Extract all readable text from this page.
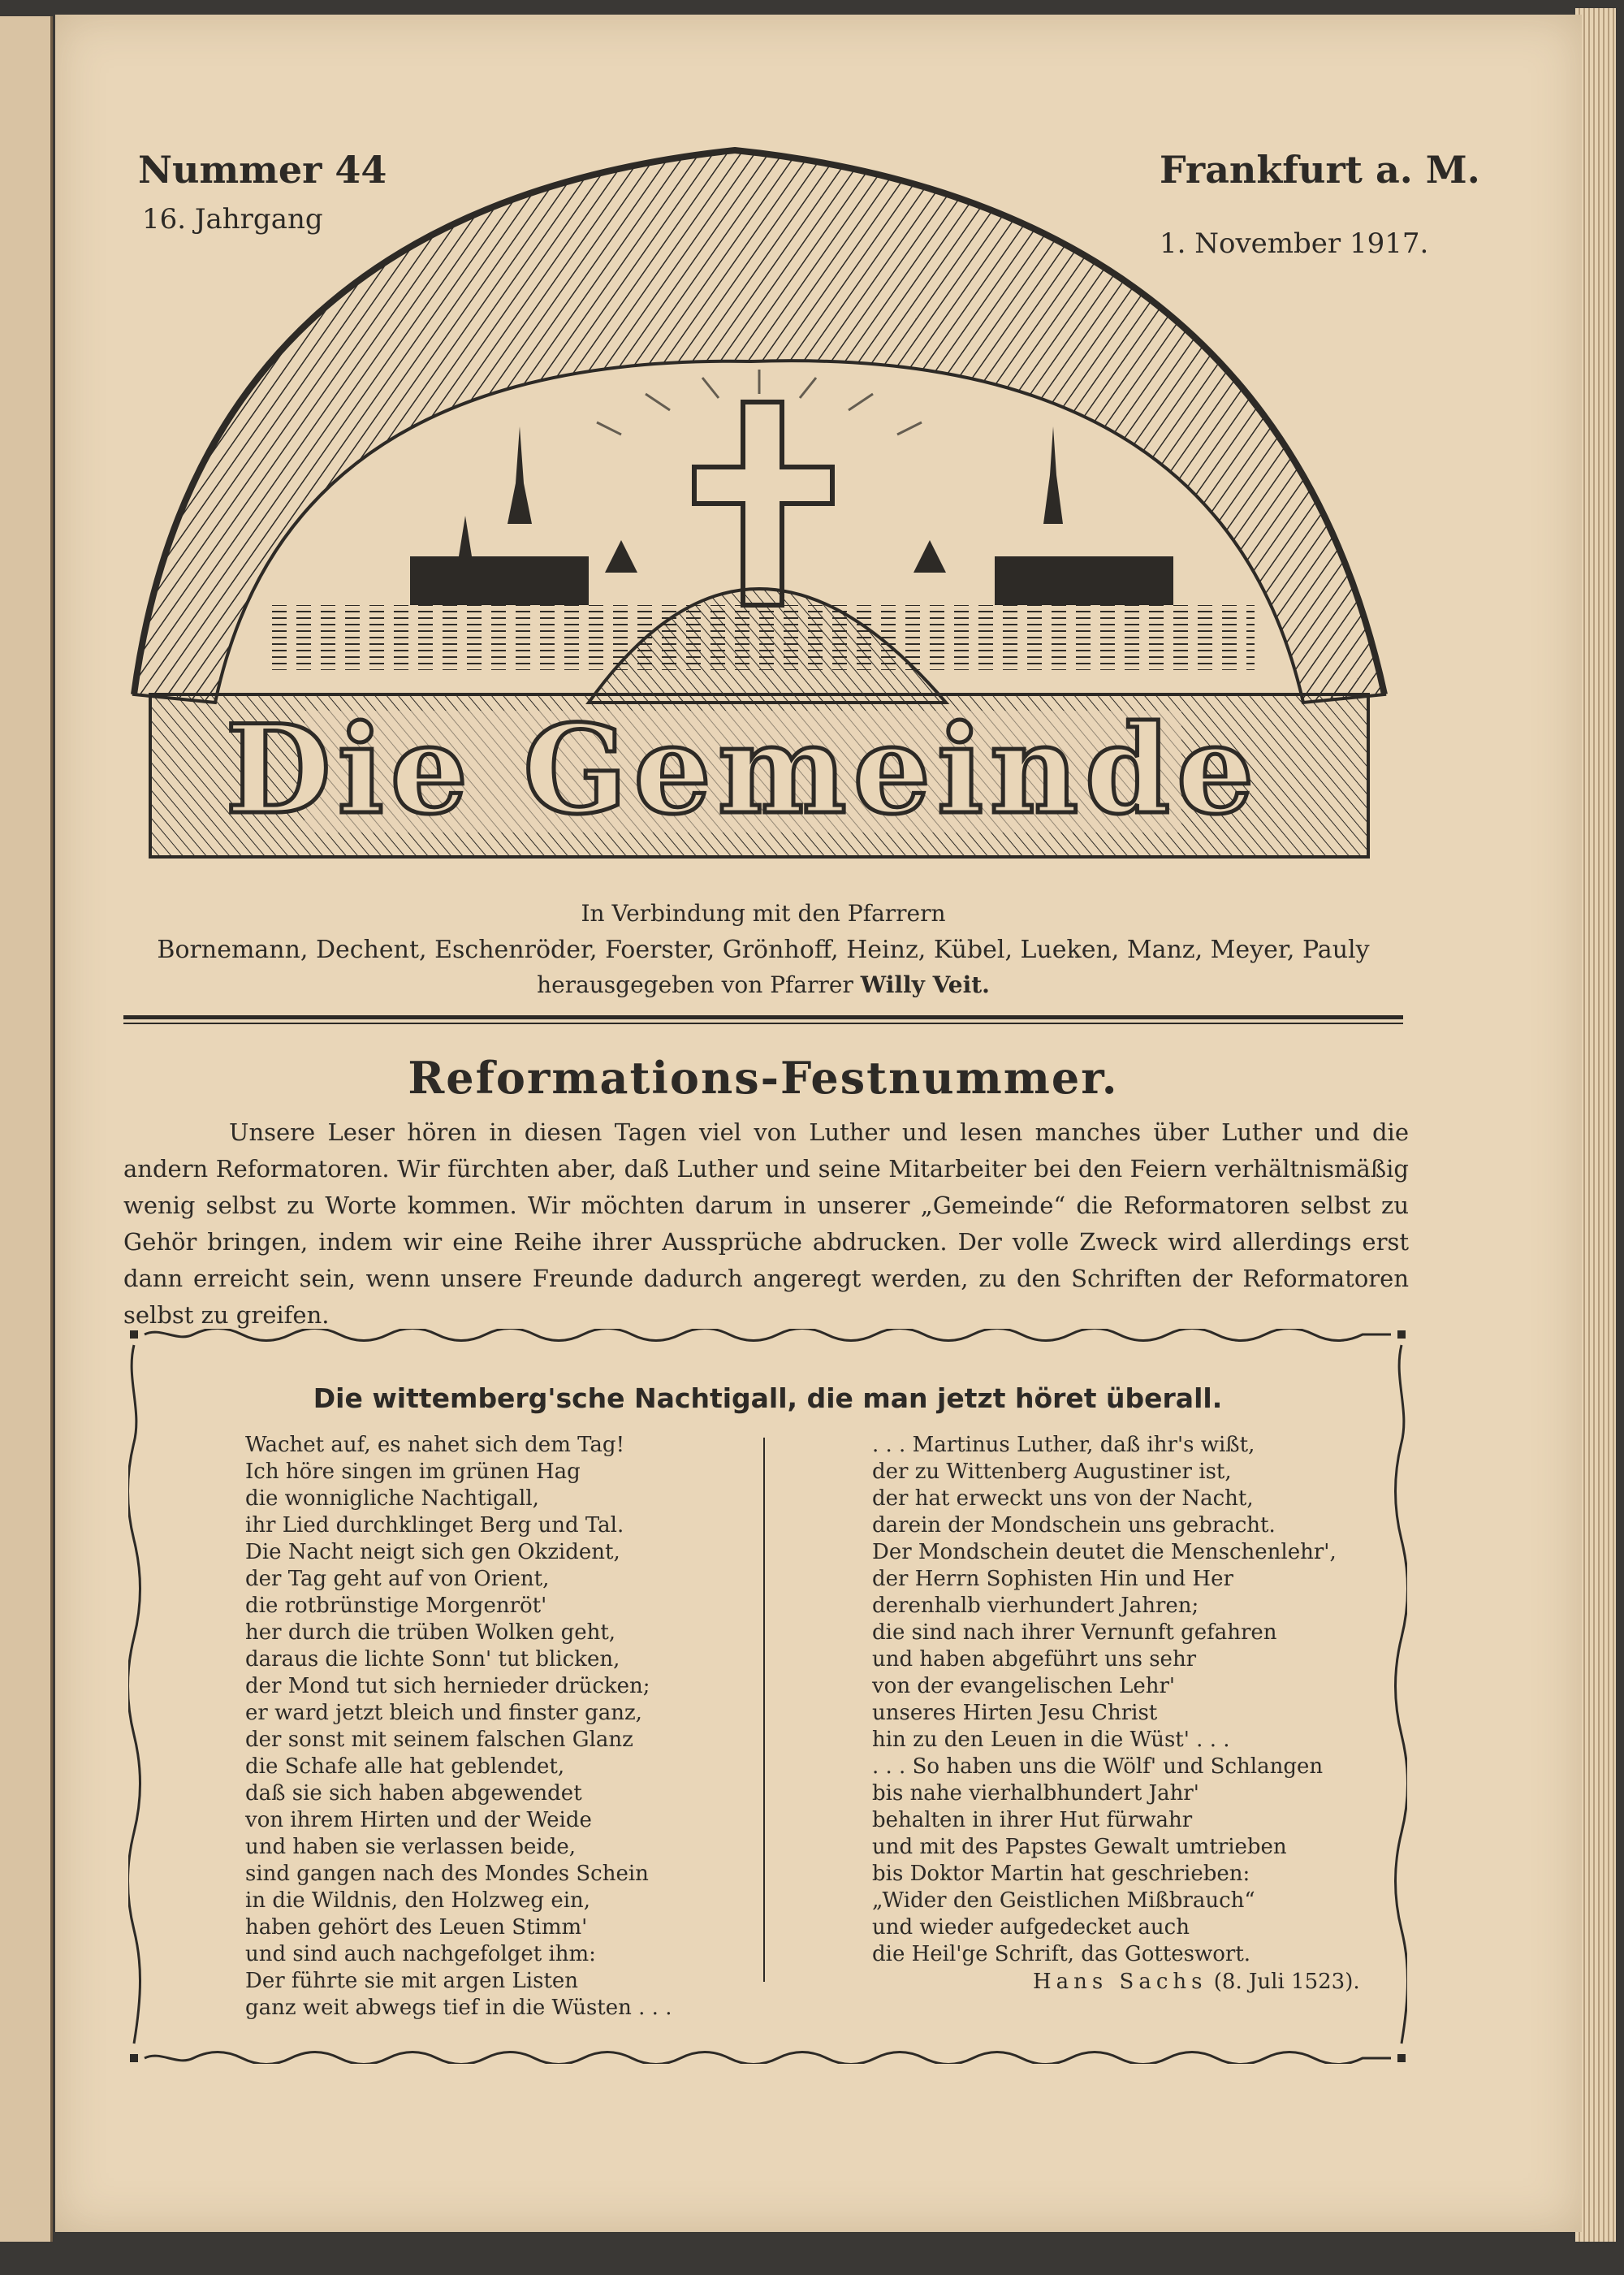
Nummer 44
16. Jahrgang
Frankfurt a. M.
1. November 1917.
Die Gemeinde
In Verbindung mit den Pfarrern
Bornemann, Dechent, Eschenröder, Foerster, Grönhoff, Heinz, Kübel, Lueken, Manz, Meyer, Pauly
herausgegeben von Pfarrer Willy Veit.
Reformations-Festnummer.

Unsere Leser hören in diesen Tagen viel von Luther und lesen manches über Luther und die andern Reformatoren. Wir fürchten aber, daß Luther und seine Mitarbeiter bei den Feiern verhältnismäßig wenig selbst zu Worte kommen. Wir möchten darum in unserer „Gemeinde“ die Reformatoren selbst zu Gehör bringen, indem wir eine Reihe ihrer Aussprüche abdrucken. Der volle Zweck wird allerdings erst dann erreicht sein, wenn unsere Freunde dadurch angeregt werden, zu den Schriften der Reformatoren selbst zu greifen.

Die wittemberg'sche Nachtigall, die man jetzt höret überall.
Wachet auf, es nahet sich dem Tag!
Ich höre singen im grünen Hag
die wonnigliche Nachtigall,
ihr Lied durchklinget Berg und Tal.
Die Nacht neigt sich gen Okzident,
der Tag geht auf von Orient,
die rotbrünstige Morgenröt'
her durch die trüben Wolken geht,
daraus die lichte Sonn' tut blicken,
der Mond tut sich hernieder drücken;
er ward jetzt bleich und finster ganz,
der sonst mit seinem falschen Glanz
die Schafe alle hat geblendet,
daß sie sich haben abgewendet
von ihrem Hirten und der Weide
und haben sie verlassen beide,
sind gangen nach des Mondes Schein
in die Wildnis, den Holzweg ein,
haben gehört des Leuen Stimm'
und sind auch nachgefolget ihm:
Der führte sie mit argen Listen
ganz weit abwegs tief in die Wüsten . . .
. . . Martinus Luther, daß ihr's wißt,
der zu Wittenberg Augustiner ist,
der hat erweckt uns von der Nacht,
darein der Mondschein uns gebracht.
Der Mondschein deutet die Menschenlehr',
der Herrn Sophisten Hin und Her
derenhalb vierhundert Jahren;
die sind nach ihrer Vernunft gefahren
und haben abgeführt uns sehr
von der evangelischen Lehr'
unseres Hirten Jesu Christ
hin zu den Leuen in die Wüst' . . .
. . . So haben uns die Wölf' und Schlangen
bis nahe vierhalbhundert Jahr'
behalten in ihrer Hut fürwahr
und mit des Papstes Gewalt umtrieben
bis Doktor Martin hat geschrieben:
„Wider den Geistlichen Mißbrauch“
und wieder aufgedecket auch
die Heil'ge Schrift, das Gotteswort.
Hans Sachs (8. Juli 1523).
